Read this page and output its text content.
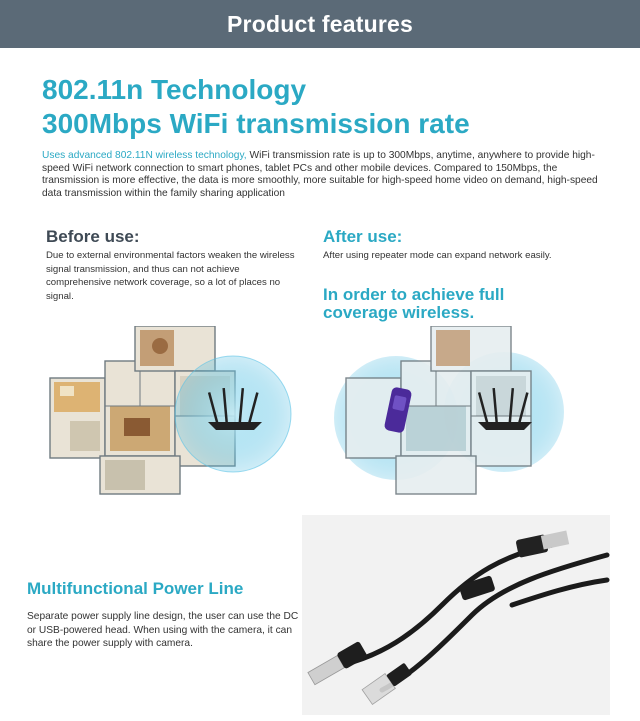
Product features
802.11n Technology
300Mbps WiFi transmission rate

Uses advanced 802.11N wireless technology, WiFi transmission rate is up to 300Mbps, anytime, anywhere to provide high-speed WiFi network connection to smart phones, tablet PCs and other mobile devices. Compared to 150Mbps, the transmission is more effective, the data is more smoothly, more suitable for high-speed home video on demand, high-speed data transmission within the family sharing application

Before use:
Due to external environmental factors weaken the wireless signal transmission, and thus can not achieve comprehensive network coverage, so a lot of places no signal.
After use:
After using repeater mode can expand network easily.
In order to achieve full coverage wireless.
Multifunctional Power Line
Separate power supply line design, the user can use the DC or USB-powered head. When using with the camera, it can share the power supply with camera.
